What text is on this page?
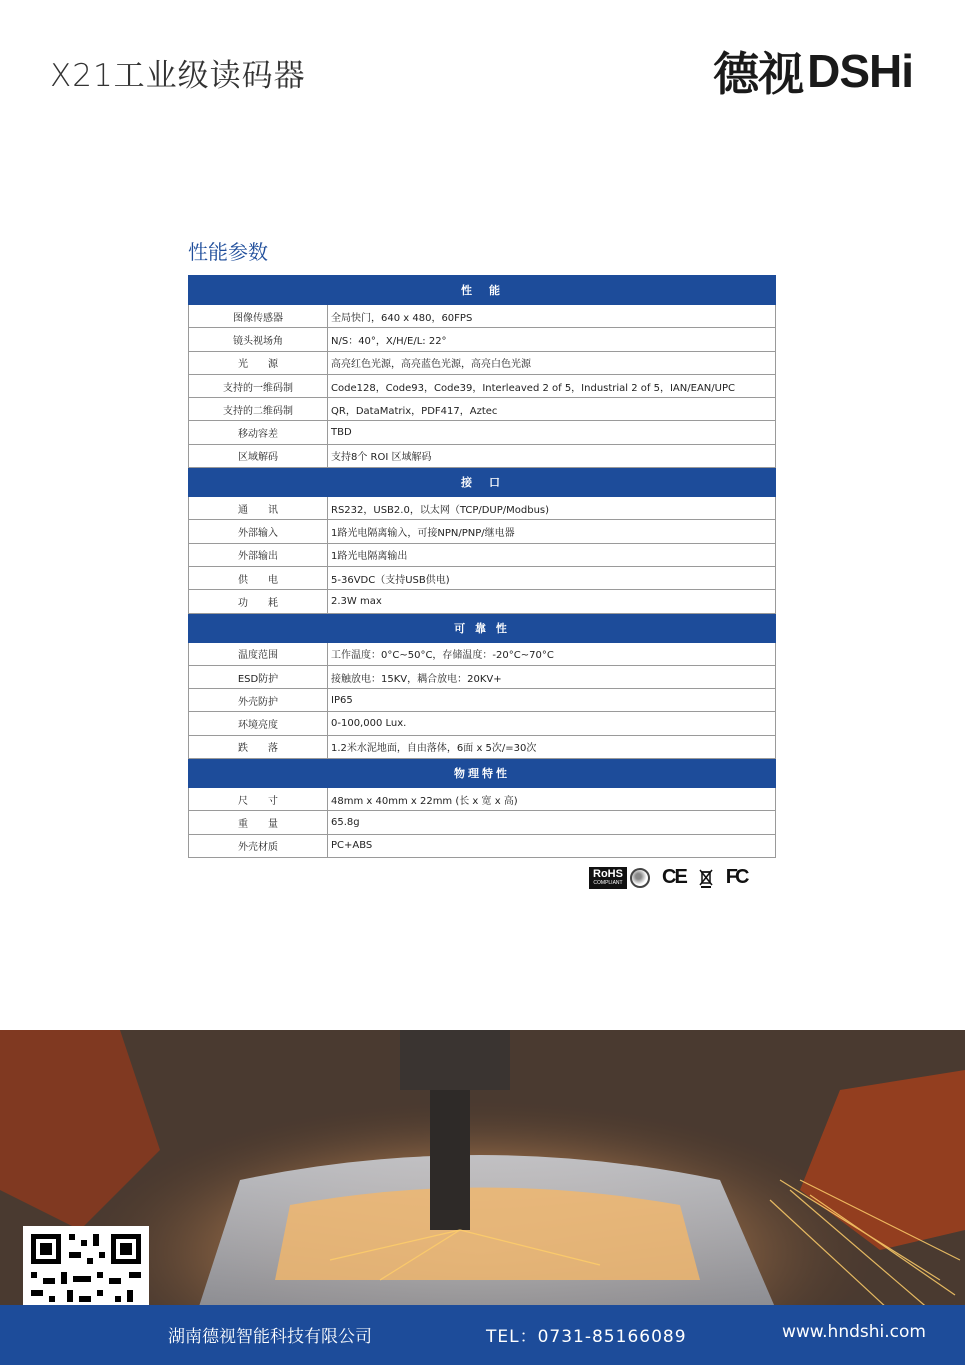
X21工业级读码器	德视 DSHi
性能参数
性　能	
图像传感器	全局快门，640 x 480，60FPS
镜头视场角	N/S：40°，X/H/E/L: 22°
光　　源	高亮红色光源，高亮蓝色光源，高亮白色光源
支持的一维码制	Code128，Code93，Code39，Interleaved 2 of 5，Industrial 2 of 5，IAN/EAN/UPC
支持的二维码制	QR，DataMatrix，PDF417，Aztec
移动容差	TBD
区域解码	支持8个 ROI 区域解码
接　口	
通　　讯	RS232，USB2.0，以太网（TCP/DUP/Modbus)
外部输入	1路光电隔离输入，可接NPN/PNP/继电器
外部输出	1路光电隔离输出
供　　电	5-36VDC（支持USB供电)
功　　耗	2.3W max
可 靠 性	
温度范围	工作温度：0°C~50°C，存储温度：-20°C~70°C
ESD防护	接触放电：15KV，耦合放电：20KV+
外壳防护	IP65
环境亮度	0-100,000 Lux.
跌　　落	1.2米水泥地面，自由落体，6面 x 5次/=30次
物理特性	
尺　　寸	48mm x 40mm x 22mm (长 x 宽 x 高)
重　　量	65.8g
外壳材质	PC+ABS
RoHS
COMPLIANT CE FC
湖南德视智能科技有限公司	TEL：0731-85166089	www.hndshi.com
